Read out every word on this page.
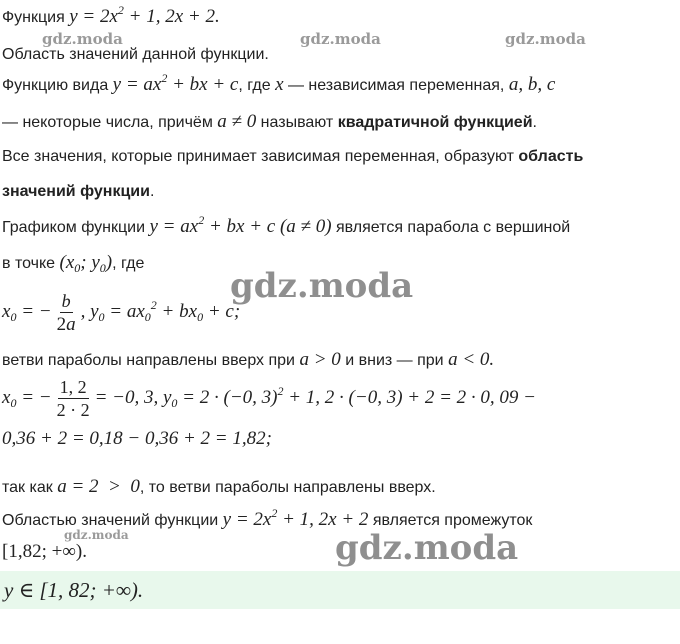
gdz.moda	gdz.moda	gdz.moda
gdz.moda
gdz.moda	gdz.moda
Функция $y = 2x^2 + 1$, 2x + 2.
Область значений данной функции.
Функцию вида $y = ax^2$ + bx + c, где x — независимая переменная, a, b, c
— некоторые числа, причём a ≠ 0 называют квадратичной функцией.
Все значения, которые принимает зависимая переменная, образуют область
значений функции.
Графиком функции $y = ax^2$ + bx + c (a ≠ 0) является парабола с вершиной
в точке ($x_0$; $y_0$), где
$x_0$ = − $\frac{b}{2a}$ , $y_0 = ax_0^2 + bx_0 + c$;
ветви параболы направлены вверх при a > 0 и вниз — при a < 0.
$x_0$ = − $\frac{1, 2}{2 \cdot 2} = -0$, 3, $y_0 = 2 \cdot (-0$, 3)$^2$ + 1, 2 · (−0, 3) + 2 = 2 · 0, 09 −
0,36 + 2 = 0,18 − 0,36 + 2 = 1,82;
так как a = 2  >  0, то ветви параболы направлены вверх.
Областью значений функции $y = 2x^2 + 1$, 2x + 2 является промежуток
[1,82; +∞).
y ∈ [1, 82; +∞).
